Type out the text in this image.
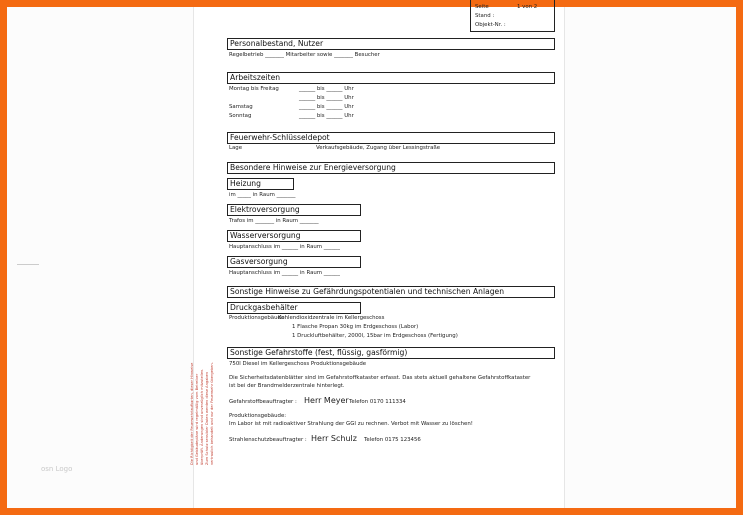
osn Logo
Seite	1 von 2
Stand :
Objekt-Nr. :
Personalbestand, Nutzer
Regelbetrieb _______ Mitarbeiter sowie _______ Besucher
Arbeitszeiten
Montag bis Freitag	______ bis ______ Uhr
______ bis ______ Uhr
Samstag	______ bis ______ Uhr
Sonntag	______ bis ______ Uhr
Feuerwehr-Schlüsseldepot
Lage	Verkaufsgebäude, Zugang über Lessingstraße
Besondere Hinweise zur Energieversorgung
Heizung
im _____ in Raum _______
Elektroversorgung
Trafos im _______ in Raum _______
Wasserversorgung
Hauptanschluss im ______ in Raum ______
Gasversorgung
Hauptanschluss im ______ in Raum ______
Sonstige Hinweise zu Gefährdungspotentialen und technischen Anlagen
Druckgasbehälter
Produktionsgebäude:
Kohlendioxidzentrale im Kellergeschoss
1 Flasche Propan 30kg im Erdgeschoss (Labor)
1 Druckluftbehälter, 2000l, 15bar im Erdgeschoss (Fertigung)
Sonstige Gefahrstoffe (fest, flüssig, gasförmig)
750l Diesel im Kellergeschoss Produktionsgebäude
Die Sicherheitsdatenblätter sind im Gefahrstoffkataster erfasst. Das stets aktuell gehaltene Gefahrstoffkataster
ist bei der Brandmelderzentrale hinterlegt.
Gefahrstoffbeauftragter : Herr Meyer Telefon 0170 111334
Produktionsgebäude:
Im Labor ist mit radioaktiver Strahlung der GGI zu rechnen. Verbot mit Wasser zu löschen!
Strahlenschutzbeauftragter : Herr Schulz Telefon 0175 123456
Die Richtigkeit der Feuerwehrlaufkarten, dieser Hinweise und Gebäudepläne wird regelmäßig vom Betreiber überprüft. Änderungen sind unverzüglich mitzuteilen. Zum Schutz sensibler Daten werden diese Angaben vertraulich behandelt und nur der Feuerwehr übergeben.
